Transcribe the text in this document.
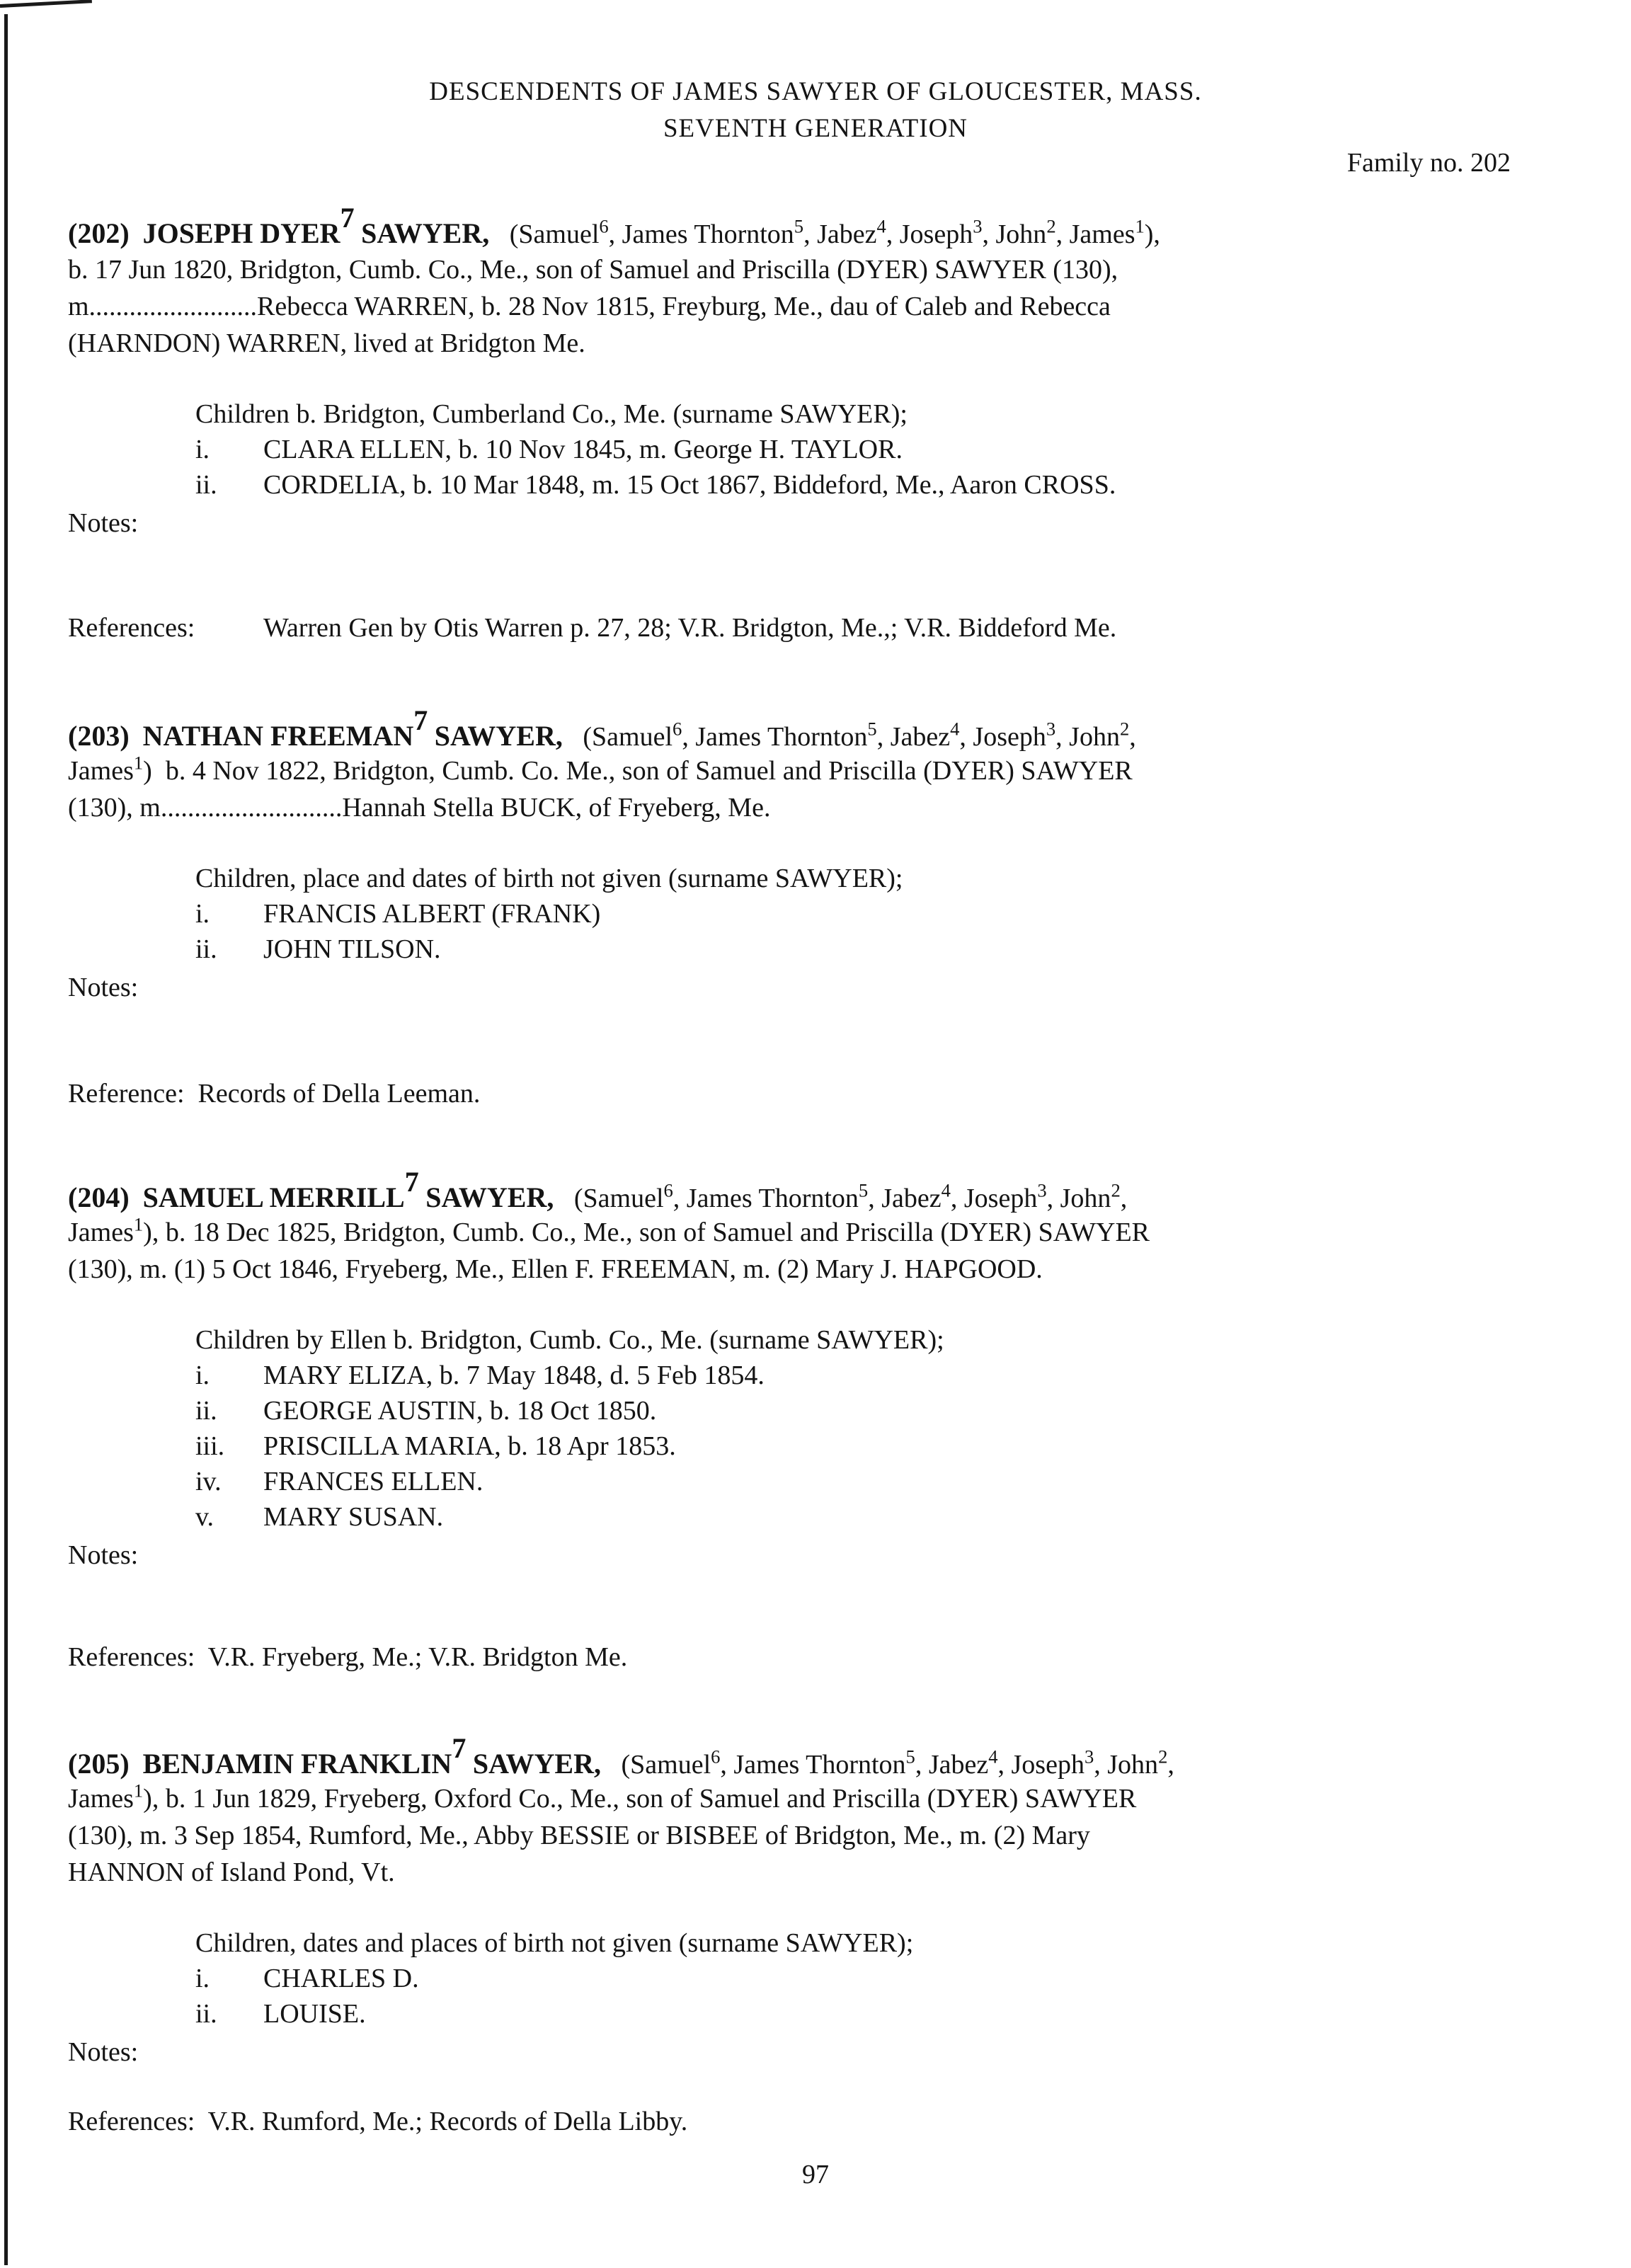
DESCENDENTS OF JAMES SAWYER OF GLOUCESTER, MASS.
SEVENTH GENERATION
Family no. 202
(202) JOSEPH DYER$^7$ SAWYER, (Samuel$^6$, James Thornton$^5$, Jabez$^4$, Joseph$^3$, John$^2$, James$^1$),
b. 17 Jun 1820, Bridgton, Cumb. Co., Me., son of Samuel and Priscilla (DYER) SAWYER (130),
m.........................Rebecca WARREN, b. 28 Nov 1815, Freyburg, Me., dau of Caleb and Rebecca
(HARNDON) WARREN, lived at Bridgton Me.
Children b. Bridgton, Cumberland Co., Me. (surname SAWYER);
i. CLARA ELLEN, b. 10 Nov 1845, m. George H. TAYLOR.
ii. CORDELIA, b. 10 Mar 1848, m. 15 Oct 1867, Biddeford, Me., Aaron CROSS.
Notes:
References:	Warren Gen by Otis Warren p. 27, 28; V.R. Bridgton, Me.,; V.R. Biddeford Me.
(203) NATHAN FREEMAN$^7$ SAWYER, (Samuel$^6$, James Thornton$^5$, Jabez$^4$, Joseph$^3$, John$^2$,
James$^1$)  b. 4 Nov 1822, Bridgton, Cumb. Co. Me., son of Samuel and Priscilla (DYER) SAWYER
(130), m...........................Hannah Stella BUCK, of Fryeberg, Me.
Children, place and dates of birth not given (surname SAWYER);
i. FRANCIS ALBERT (FRANK)
ii. JOHN TILSON.
Notes:
Reference: Records of Della Leeman.
(204) SAMUEL MERRILL$^7$ SAWYER, (Samuel$^6$, James Thornton$^5$, Jabez$^4$, Joseph$^3$, John$^2$,
James$^1$), b. 18 Dec 1825, Bridgton, Cumb. Co., Me., son of Samuel and Priscilla (DYER) SAWYER
(130), m. (1) 5 Oct 1846, Fryeberg, Me., Ellen F. FREEMAN, m. (2) Mary J. HAPGOOD.
Children by Ellen b. Bridgton, Cumb. Co., Me. (surname SAWYER);
i. MARY ELIZA, b. 7 May 1848, d. 5 Feb 1854.
ii. GEORGE AUSTIN, b. 18 Oct 1850.
iii. PRISCILLA MARIA, b. 18 Apr 1853.
iv. FRANCES ELLEN.
v. MARY SUSAN.
Notes:
References: V.R. Fryeberg, Me.; V.R. Bridgton Me.
(205) BENJAMIN FRANKLIN$^7$ SAWYER, (Samuel$^6$, James Thornton$^5$, Jabez$^4$, Joseph$^3$, John$^2$,
James$^1$), b. 1 Jun 1829, Fryeberg, Oxford Co., Me., son of Samuel and Priscilla (DYER) SAWYER
(130), m. 3 Sep 1854, Rumford, Me., Abby BESSIE or BISBEE of Bridgton, Me., m. (2) Mary
HANNON of Island Pond, Vt.
Children, dates and places of birth not given (surname SAWYER);
i. CHARLES D.
ii. LOUISE.
Notes:
References: V.R. Rumford, Me.; Records of Della Libby.
97
